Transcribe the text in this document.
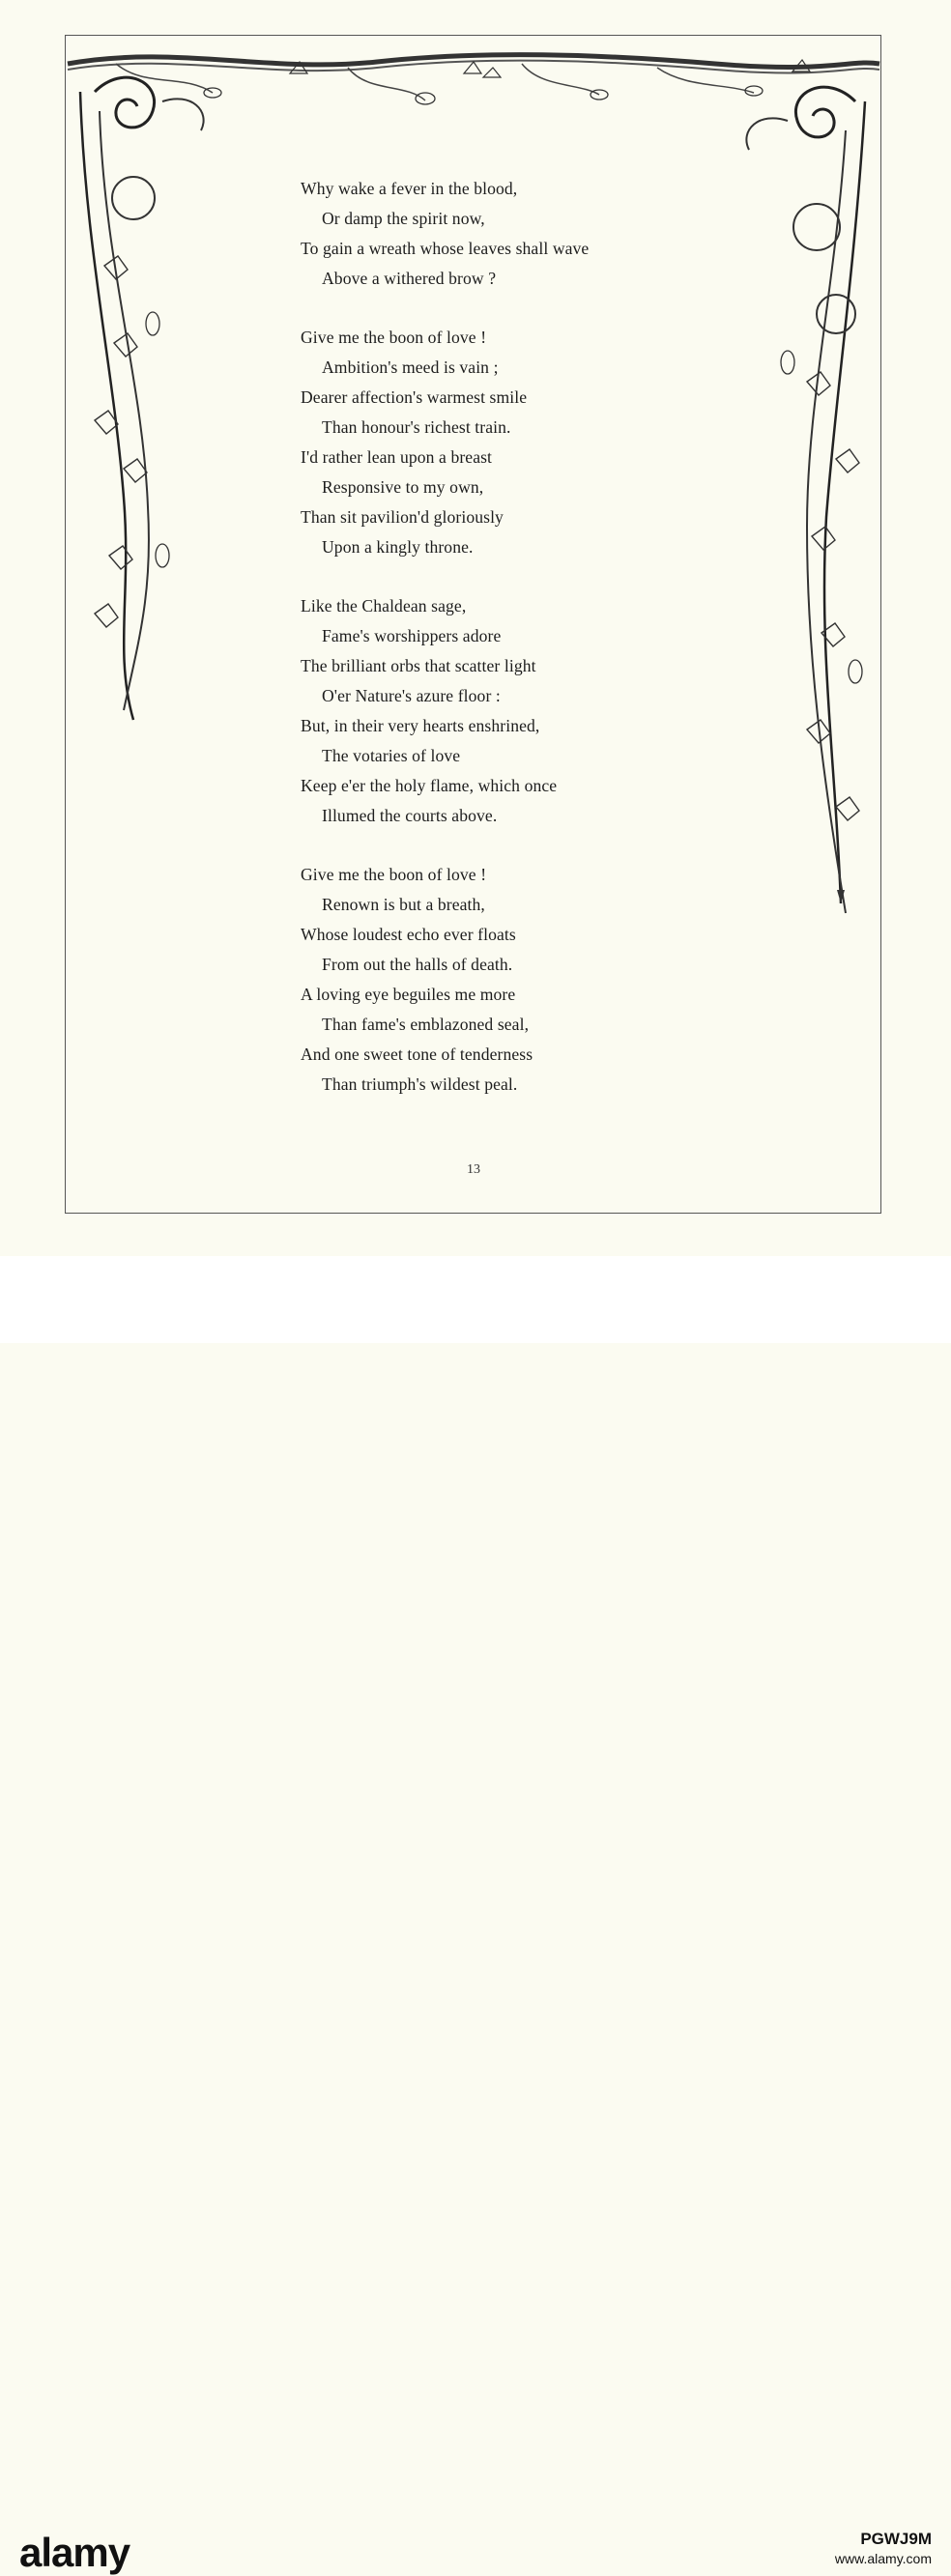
Why wake a fever in the blood,
Or damp the spirit now,
To gain a wreath whose leaves shall wave
Above a withered brow ?
Give me the boon of love !
Ambition's meed is vain ;
Dearer affection's warmest smile
Than honour's richest train.
I'd rather lean upon a breast
Responsive to my own,
Than sit pavilion'd gloriously
Upon a kingly throne.
Like the Chaldean sage,
Fame's worshippers adore
The brilliant orbs that scatter light
O'er Nature's azure floor :
But, in their very hearts enshrined,
The votaries of love
Keep e'er the holy flame, which once
Illumed the courts above.
Give me the boon of love !
Renown is but a breath,
Whose loudest echo ever floats
From out the halls of death.
A loving eye beguiles me more
Than fame's emblazoned seal,
And one sweet tone of tenderness
Than triumph's wildest peal.
13
alamy	PGWJ9M
www.alamy.com
